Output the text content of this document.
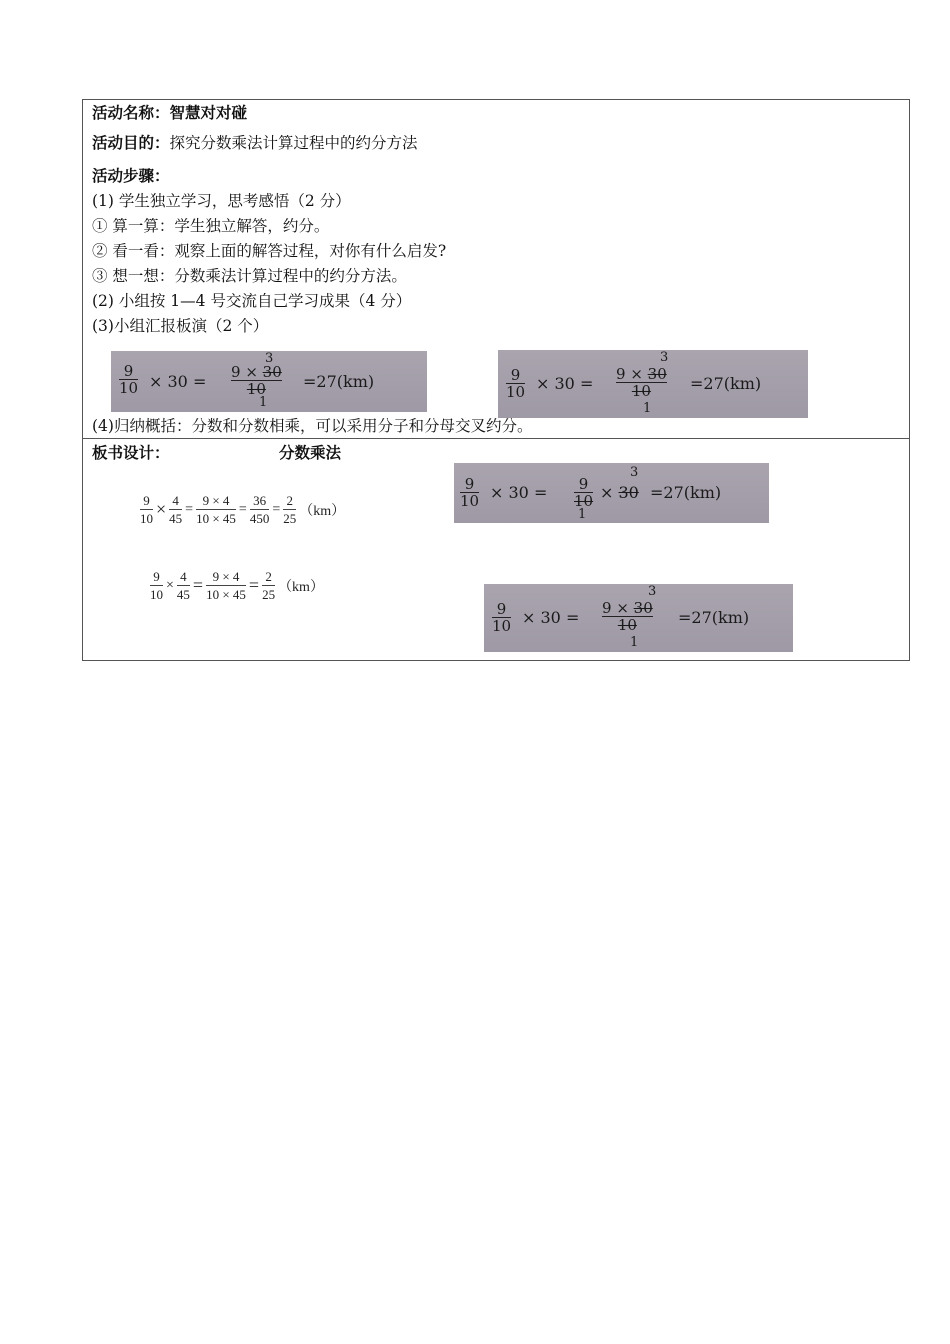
活动名称：智慧对对碰
活动目的：探究分数乘法计算过程中的约分方法
活动步骤：
(1) 学生独立学习，思考感悟（2 分）
① 算一算：学生独立解答，约分。
② 看一看：观察上面的解答过程，对你有什么启发?
③ 想一想：分数乘法计算过程中的约分方法。
(2) 小组按 1—4 号交流自己学习成果（4 分）
(3)小组汇报板演（2 个）
$\frac{9}{10} \times 30$ =
3
$\frac{9 \times 30}{10}$
1
=27(km)	$\frac{9}{10} \times 30$ =
3
$\frac{9 \times 30}{10}$
1
=27(km)
(4)归纳概括：分数和分数相乘，可以采用分子和分母交叉约分。
板书设计：	分数乘法
$\frac{9}{10} \times \frac{4}{45} = \frac{9 \times 4}{10 \times 45} = \frac{36}{450} = \frac{2}{25} (km)$
$\frac{9}{10} \times 30 = \frac{9}{10} \times 30$
3
1
=27(km)
$\frac{9}{10} \times \frac{4}{45} = \frac{9 \times 4}{10 \times 45} = \frac{2}{25} (km)$
$\frac{9}{10} \times 30$ =
3
$\frac{9 \times 30}{10}$
1
=27(km)
